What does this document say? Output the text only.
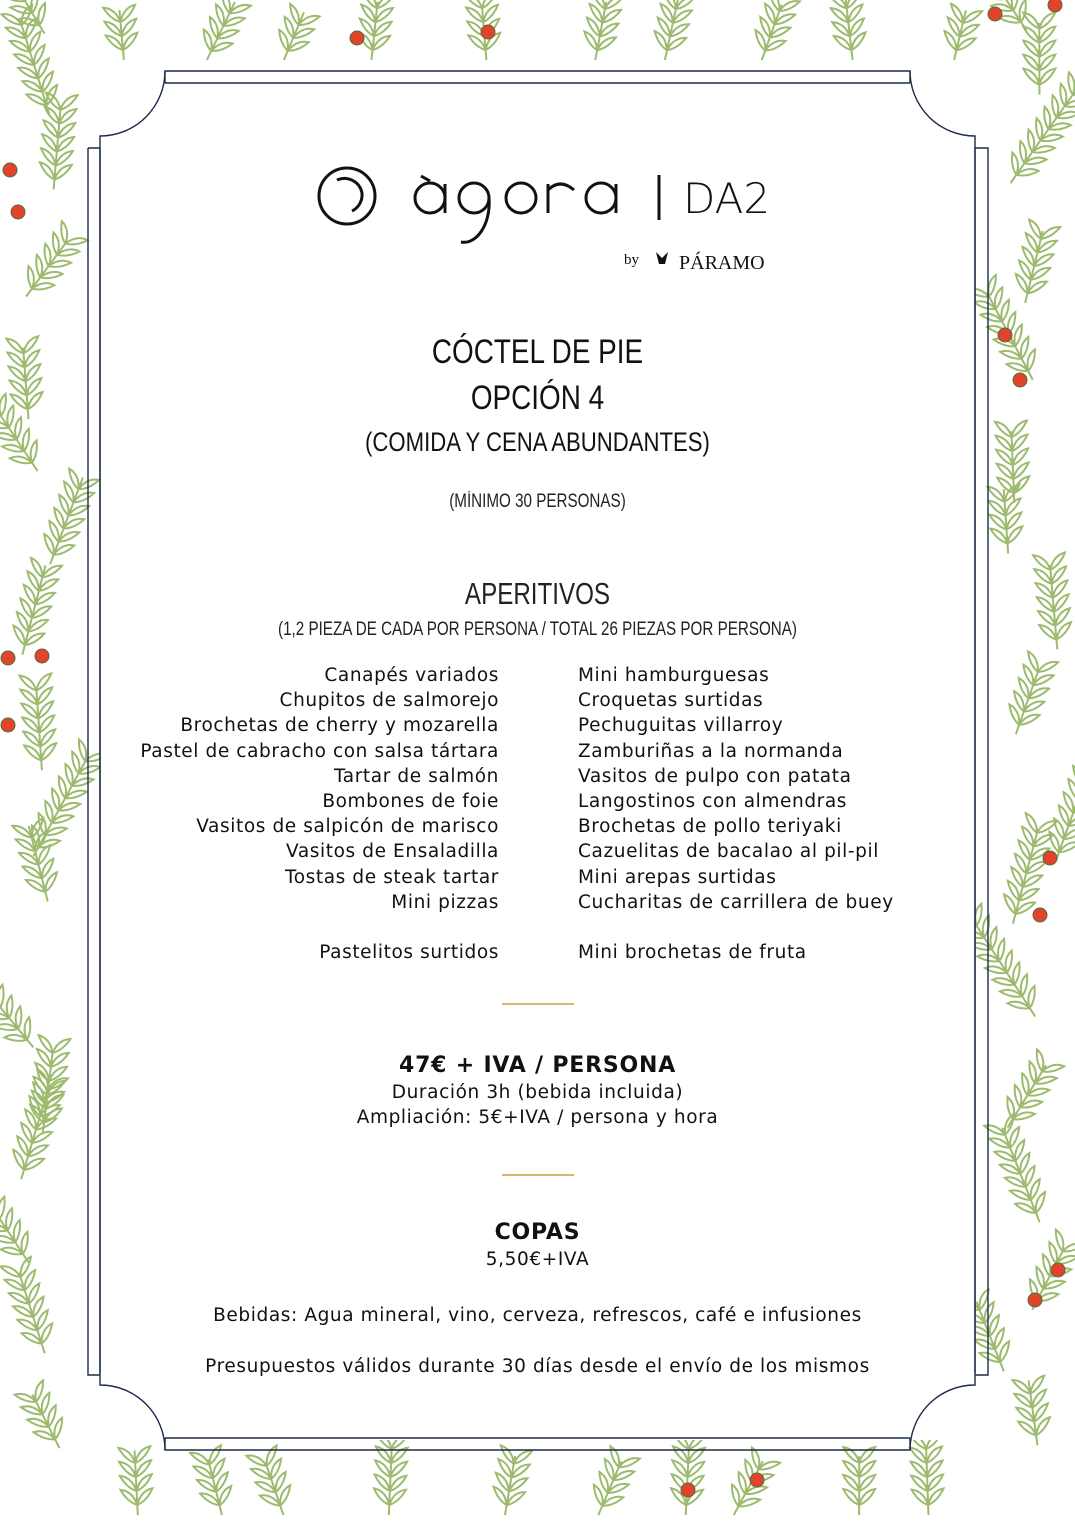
DA2
by PÁRAMO
CÓCTEL DE PIE
OPCIÓN 4
(COMIDA Y CENA ABUNDANTES)
(MÍNIMO 30 PERSONAS)
APERITIVOS
(1,2 PIEZA DE CADA POR PERSONA / TOTAL 26 PIEZAS POR PERSONA)
Canapés variados
Chupitos de salmorejo
Brochetas de cherry y mozarella
Pastel de cabracho con salsa tártara
Tartar de salmón
Bombones de foie
Vasitos de salpicón de marisco
Vasitos de Ensaladilla
Tostas de steak tartar
Mini pizzas
Pastelitos surtidos
Mini hamburguesas
Croquetas surtidas
Pechuguitas villarroy
Zamburiñas a la normanda
Vasitos de pulpo con patata
Langostinos con almendras
Brochetas de pollo teriyaki
Cazuelitas de bacalao al pil-pil
Mini arepas surtidas
Cucharitas de carrillera de buey
Mini brochetas de fruta
47€ + IVA / PERSONA
Duración 3h (bebida incluida)
Ampliación: 5€+IVA / persona y hora
COPAS
5,50€+IVA
Bebidas: Agua mineral, vino, cerveza, refrescos, café e infusiones
Presupuestos válidos durante 30 días desde el envío de los mismos
